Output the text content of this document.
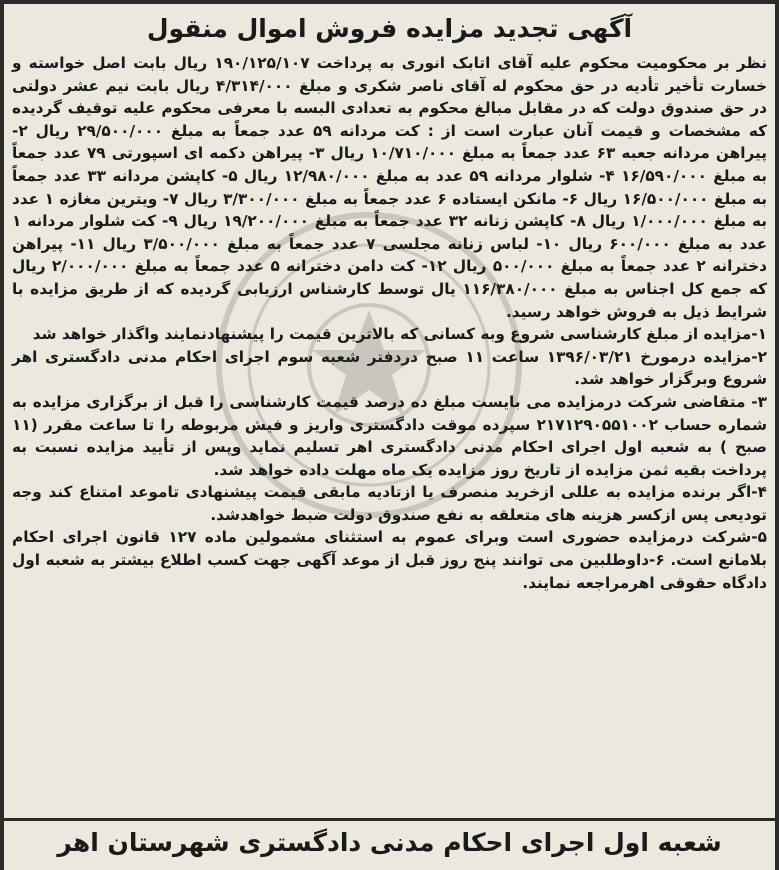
آگهی تجدید مزایده فروش اموال منقول

نظر بر محکومیت محکوم علیه آقای اتابک انوری به پرداخت ۱۹۰/۱۲۵/۱۰۷ ریال بابت اصل خواسته و خسارت تأخیر تأدیه در حق محکوم له آقای ناصر شکری و مبلغ ۴/۳۱۴/۰۰۰ ریال بابت نیم عشر دولتی در حق صندوق دولت که در مقابل مبالغ محکوم به تعدادی البسه با معرفی محکوم علیه توقیف گردیده که مشخصات و قیمت آنان عبارت است از : کت مردانه ۵۹ عدد جمعاً به مبلغ ۲۹/۵۰۰/۰۰۰ ریال ۲- پیراهن مردانه جعبه ۶۳ عدد جمعاً به مبلغ ۱۰/۷۱۰/۰۰۰ ریال ۳- پیراهن دکمه ای اسپورتی ۷۹ عدد جمعاً به مبلغ ۱۶/۵۹۰/۰۰۰ ۴- شلوار مردانه ۵۹ عدد به مبلغ ۱۲/۹۸۰/۰۰۰ ریال ۵- کاپشن مردانه ۳۳ عدد جمعاً به مبلغ ۱۶/۵۰۰/۰۰۰ ریال ۶- مانکن ایستاده ۶ عدد جمعاً به مبلغ ۳/۳۰۰/۰۰۰ ریال ۷- ویترین مغازه ۱ عدد به مبلغ ۱/۰۰۰/۰۰۰ ریال ۸- کاپشن زنانه ۳۲ عدد جمعاً به مبلغ ۱۹/۲۰۰/۰۰۰ ریال ۹- کت شلوار مردانه ۱ عدد به مبلغ ۶۰۰/۰۰۰ ریال ۱۰- لباس زنانه مجلسی ۷ عدد جمعاً به مبلغ ۳/۵۰۰/۰۰۰ ریال ۱۱- پیراهن دخترانه ۲ عدد جمعاً به مبلغ ۵۰۰/۰۰۰ ریال ۱۲- کت دامن دخترانه ۵ عدد جمعاً به مبلغ ۲/۰۰۰/۰۰۰ ریال که جمع کل اجناس به مبلغ ۱۱۶/۳۸۰/۰۰۰ یال توسط کارشناس ارزیابی گردیده که از طریق مزایده با شرایط ذیل به فروش خواهد رسید.

۱-مزایده از مبلغ کارشناسی شروع وبه کسانی که بالاترین قیمت را پیشنهادنمایند واگذار خواهد شد

۲-مزایده درمورخ ۱۳۹۶/۰۳/۲۱ ساعت ۱۱ صبح دردفتر شعبه سوم اجرای احکام مدنی دادگستری اهر شروع وبرگزار خواهد شد.

۳- متقاضی شرکت درمزایده می بایست مبلغ ده درصد قیمت کارشناسی را قبل از برگزاری مزایده به شماره حساب ۲۱۷۱۲۹۰۵۵۱۰۰۲ سپرده موقت دادگستری واریز و فیش مربوطه را تا ساعت مقرر (۱۱ صبح ) به شعبه اول اجرای احکام مدنی دادگستری اهر تسلیم نماید وپس از تأیید مزایده نسبت به پرداخت بقیه ثمن مزایده از تاریخ روز مزایده یک ماه مهلت داده خواهد شد.

۴-اگر برنده مزایده به عللی ازخرید منصرف یا ازتادیه مابقی قیمت پیشنهادی تاموعد امتناع کند وجه تودیعی پس ازکسر هزینه های متعلقه به نفع صندوق دولت ضبط خواهدشد.

۵-شرکت درمزایده حضوری است وبرای عموم به استثنای مشمولین ماده ۱۲۷ قانون اجرای احکام بلامانع است. ۶-داوطلبین می توانند پنج روز قبل از موعد آگهی جهت کسب اطلاع بیشتر به شعبه اول دادگاه حقوقی اهرمراجعه نمایند.

شعبه اول اجرای احکام مدنی دادگستری شهرستان اهر
